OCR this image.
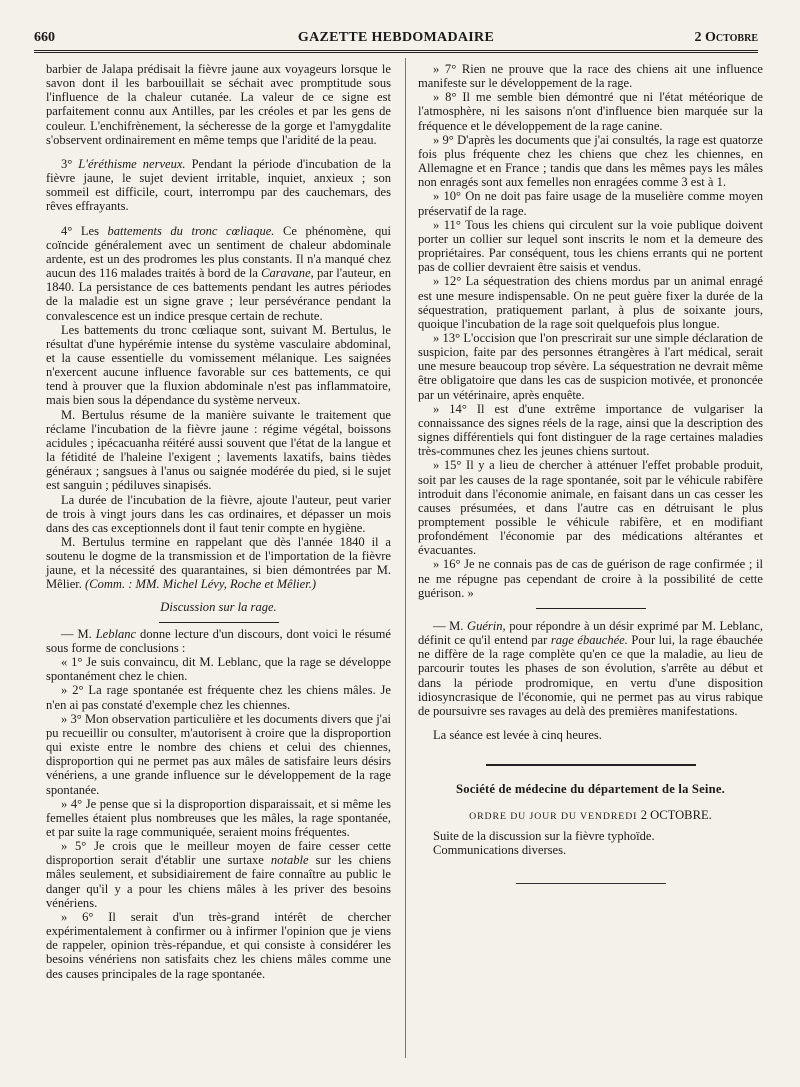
660	GAZETTE HEBDOMADAIRE	2 Octobre

barbier de Jalapa prédisait la fièvre jaune aux voyageurs lorsque le savon dont il les barbouillait se séchait avec promptitude sous l'influence de la chaleur cutanée. La valeur de ce signe est parfaitement connu aux Antilles, par les créoles et par les gens de couleur. L'enchifrènement, la sécheresse de la gorge et l'amygdalite s'observent ordinairement en même temps que l'aridité de la peau.

3° L'éréthisme nerveux. Pendant la période d'incubation de la fièvre jaune, le sujet devient irritable, inquiet, anxieux ; son sommeil est difficile, court, interrompu par des cauchemars, des rêves effrayants.

4° Les battements du tronc cœliaque. Ce phénomène, qui coïncide généralement avec un sentiment de chaleur abdominale ardente, est un des prodromes les plus constants. Il n'a manqué chez aucun des 116 malades traités à bord de la Caravane, par l'auteur, en 1840. La persistance de ces battements pendant les autres périodes de la maladie est un signe grave ; leur persévérance pendant la convalescence est un indice presque certain de rechute.

Les battements du tronc cœliaque sont, suivant M. Bertulus, le résultat d'une hypérémie intense du système vasculaire abdominal, et la cause essentielle du vomissement mélanique. Les saignées n'exercent aucune influence favorable sur ces battements, ce qui tend à prouver que la fluxion abdominale n'est pas inflammatoire, mais bien sous la dépendance du système nerveux.

M. Bertulus résume de la manière suivante le traitement que réclame l'incubation de la fièvre jaune : régime végétal, boissons acidules ; ipécacuanha réitéré aussi souvent que l'état de la langue et la fétidité de l'haleine l'exigent ; lavements laxatifs, bains tièdes généraux ; sangsues à l'anus ou saignée modérée du pied, si le sujet est sanguin ; pédiluves sinapisés.

La durée de l'incubation de la fièvre, ajoute l'auteur, peut varier de trois à vingt jours dans les cas ordinaires, et dépasser un mois dans des cas exceptionnels dont il faut tenir compte en hygiène.

M. Bertulus termine en rappelant que dès l'année 1840 il a soutenu le dogme de la transmission et de l'importation de la fièvre jaune, et la nécessité des quarantaines, si bien démontrées par M. Mêlier. (Comm. : MM. Michel Lévy, Roche et Mêlier.)

Discussion sur la rage.

— M. Leblanc donne lecture d'un discours, dont voici le résumé sous forme de conclusions :

« 1° Je suis convaincu, dit M. Leblanc, que la rage se développe spontanément chez le chien.

» 2° La rage spontanée est fréquente chez les chiens mâles. Je n'en ai pas constaté d'exemple chez les chiennes.

» 3° Mon observation particulière et les documents divers que j'ai pu recueillir ou consulter, m'autorisent à croire que la disproportion qui existe entre le nombre des chiens et celui des chiennes, disproportion qui ne permet pas aux mâles de satisfaire leurs désirs vénériens, a une grande influence sur le développement de la rage spontanée.

» 4° Je pense que si la disproportion disparaissait, et si même les femelles étaient plus nombreuses que les mâles, la rage spontanée, et par suite la rage communiquée, seraient moins fréquentes.

» 5° Je crois que le meilleur moyen de faire cesser cette disproportion serait d'établir une surtaxe notable sur les chiens mâles seulement, et subsidiairement de faire connaître au public le danger qu'il y a pour les chiens mâles à les priver des besoins vénériens.

» 6° Il serait d'un très-grand intérêt de chercher expérimentalement à confirmer ou à infirmer l'opinion que je viens de rappeler, opinion très-répandue, et qui consiste à considérer les besoins vénériens non satisfaits chez les chiens mâles comme une des causes principales de la rage spontanée.

» 7° Rien ne prouve que la race des chiens ait une influence manifeste sur le développement de la rage.

» 8° Il me semble bien démontré que ni l'état météorique de l'atmosphère, ni les saisons n'ont d'influence bien marquée sur la fréquence et le développement de la rage canine.

» 9° D'après les documents que j'ai consultés, la rage est quatorze fois plus fréquente chez les chiens que chez les chiennes, en Allemagne et en France ; tandis que dans les mêmes pays les mâles non enragés sont aux femelles non enragées comme 3 est à 1.

» 10° On ne doit pas faire usage de la muselière comme moyen préservatif de la rage.

» 11° Tous les chiens qui circulent sur la voie publique doivent porter un collier sur lequel sont inscrits le nom et la demeure des propriétaires. Par conséquent, tous les chiens errants qui ne portent pas de collier devraient être saisis et vendus.

» 12° La séquestration des chiens mordus par un animal enragé est une mesure indispensable. On ne peut guère fixer la durée de la séquestration, pratiquement parlant, à plus de soixante jours, quoique l'incubation de la rage soit quelquefois plus longue.

» 13° L'occision que l'on prescrirait sur une simple déclaration de suspicion, faite par des personnes étrangères à l'art médical, serait une mesure beaucoup trop sévère. La séquestration ne devrait même être obligatoire que dans les cas de suspicion motivée, et prononcée par un vétérinaire, après enquête.

» 14° Il est d'une extrême importance de vulgariser la connaissance des signes réels de la rage, ainsi que la description des signes différentiels qui font distinguer de la rage certaines maladies très-communes chez les jeunes chiens surtout.

» 15° Il y a lieu de chercher à atténuer l'effet probable produit, soit par les causes de la rage spontanée, soit par le véhicule rabifère introduit dans l'économie animale, en faisant dans un cas cesser les causes présumées, et dans l'autre cas en détruisant le plus promptement possible le véhicule rabifère, et en modifiant profondément l'économie par des médications altérantes et évacuantes.

» 16° Je ne connais pas de cas de guérison de rage confirmée ; il ne me répugne pas cependant de croire à la possibilité de cette guérison. »

— M. Guérin, pour répondre à un désir exprimé par M. Leblanc, définit ce qu'il entend par rage ébauchée. Pour lui, la rage ébauchée ne diffère de la rage complète qu'en ce que la maladie, au lieu de parcourir toutes les phases de son évolution, s'arrête au début et dans la période prodromique, en vertu d'une disposition idiosyncrasique de l'économie, qui ne permet pas au virus rabique de poursuivre ses ravages au delà des premières manifestations.

La séance est levée à cinq heures.

Société de médecine du département de la Seine.

ORDRE DU JOUR DU VENDREDI 2 OCTOBRE.

Suite de la discussion sur la fièvre typhoïde.

Communications diverses.
